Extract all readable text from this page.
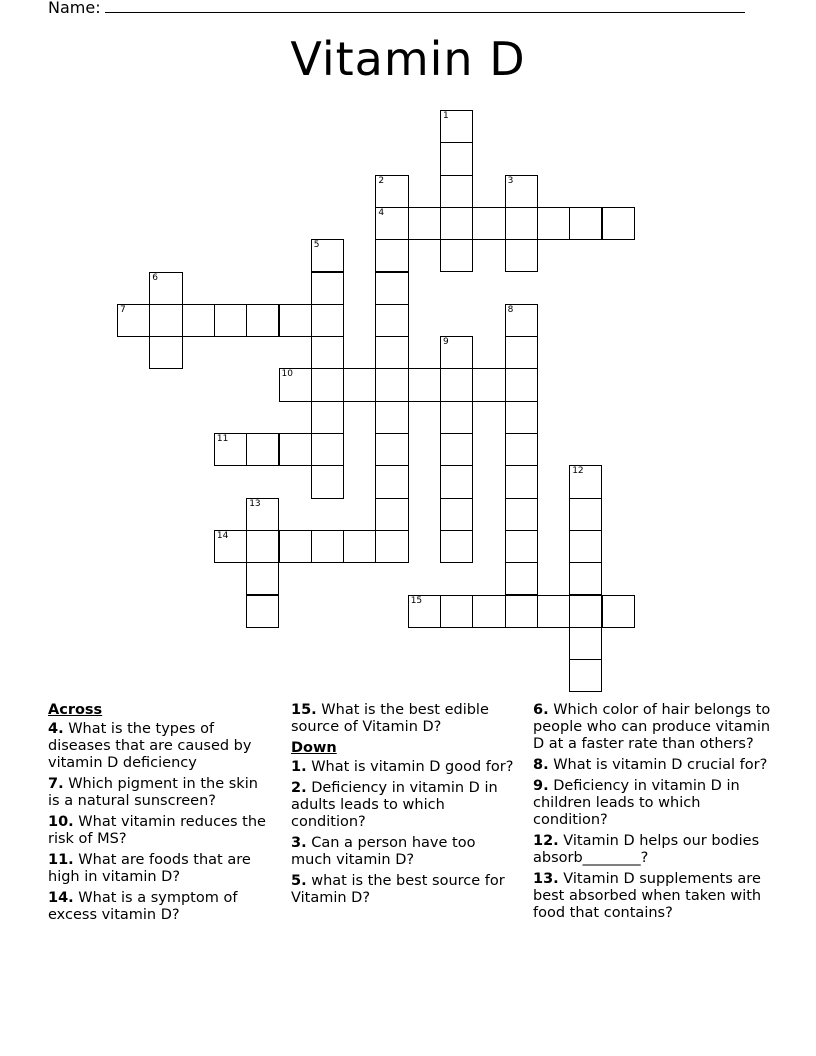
Name:
Vitamin D
1
2
4
3
5
6
7	8
9
10
11
12
13
14
15
Across
4. What is the types of diseases that are caused by vitamin D deficiency
7. Which pigment in the skin is a natural sunscreen?
10. What vitamin reduces the risk of MS?
11. What are foods that are high in vitamin D?
14. What is a symptom of excess vitamin D?
15. What is the best edible source of Vitamin D?
Down
1. What is vitamin D good for?
2. Deficiency in vitamin D in adults leads to which condition?
3. Can a person have too much vitamin D?
5. what is the best source for Vitamin D?
6. Which color of hair belongs to people who can produce vitamin D at a faster rate than others?
8. What is vitamin D crucial for?
9. Deficiency in vitamin D in children leads to which condition?
12. Vitamin D helps our bodies absorb________?
13. Vitamin D supplements are best absorbed when taken with food that contains?
